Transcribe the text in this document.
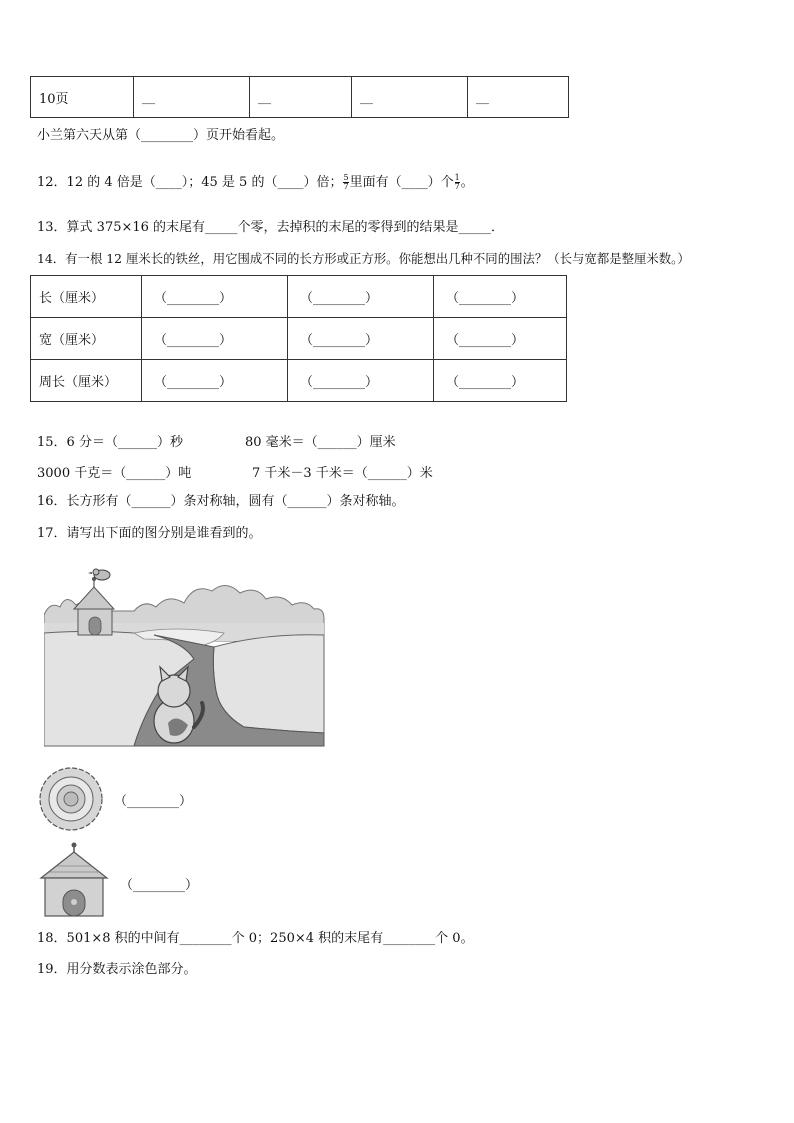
10页	__	__	__	__
小兰第六天从第（________）页开始看起。
12．12 的 4 倍是（____）；45 是 5 的（____）倍； $\frac{5}{7}$ 里面有（____）个 $\frac{1}{7}$ 。
13．算式 375×16 的末尾有_____个零，去掉积的末尾的零得到的结果是_____．
14．有一根 12 厘米长的铁丝，用它围成不同的长方形或正方形。你能想出几种不同的围法？（长与宽都是整厘米数。）
长（厘米）	（________）	（________）	（________）
宽（厘米）	（________）	（________）	（________）
周长（厘米）	（________）	（________）	（________）
15．6 分＝（______）秒	80 毫米＝（______）厘米
3000 千克＝（______）吨	7 千米－3 千米＝（______）米
16．长方形有（______）条对称轴，圆有（______）条对称轴。
17．请写出下面的图分别是谁看到的。
（________）
（________）
18．501×8 积的中间有________个 0；250×4 积的末尾有________个 0。
19．用分数表示涂色部分。
